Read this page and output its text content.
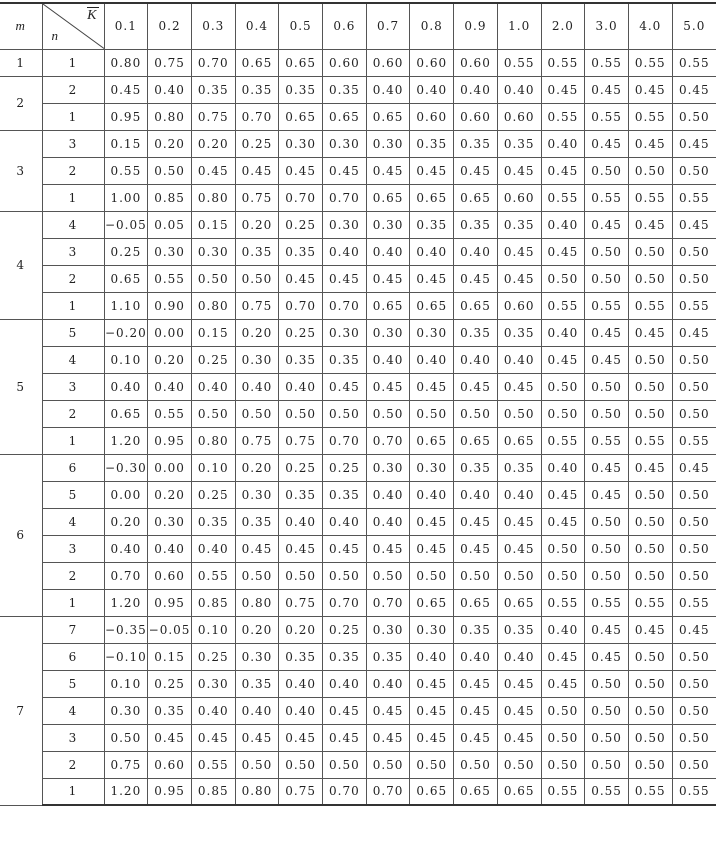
m	K
n	0.1	0.2	0.3	0.4	0.5	0.6	0.7	0.8	0.9	1.0	2.0	3.0	4.0	5.0
1	1	0.80	0.75	0.70	0.65	0.65	0.60	0.60	0.60	0.60	0.55	0.55	0.55	0.55	0.55
2	2	0.45	0.40	0.35	0.35	0.35	0.35	0.40	0.40	0.40	0.40	0.45	0.45	0.45	0.45
	1	0.95	0.80	0.75	0.70	0.65	0.65	0.65	0.60	0.60	0.60	0.55	0.55	0.55	0.50
3	3	0.15	0.20	0.20	0.25	0.30	0.30	0.30	0.35	0.35	0.35	0.40	0.45	0.45	0.45
	2	0.55	0.50	0.45	0.45	0.45	0.45	0.45	0.45	0.45	0.45	0.45	0.50	0.50	0.50
	1	1.00	0.85	0.80	0.75	0.70	0.70	0.65	0.65	0.65	0.60	0.55	0.55	0.55	0.55
4	4	−0.05	0.05	0.15	0.20	0.25	0.30	0.30	0.35	0.35	0.35	0.40	0.45	0.45	0.45
	3	0.25	0.30	0.30	0.35	0.35	0.40	0.40	0.40	0.40	0.45	0.45	0.50	0.50	0.50
	2	0.65	0.55	0.50	0.50	0.45	0.45	0.45	0.45	0.45	0.45	0.50	0.50	0.50	0.50
	1	1.10	0.90	0.80	0.75	0.70	0.70	0.65	0.65	0.65	0.60	0.55	0.55	0.55	0.55
5	5	−0.20	0.00	0.15	0.20	0.25	0.30	0.30	0.30	0.35	0.35	0.40	0.45	0.45	0.45
	4	0.10	0.20	0.25	0.30	0.35	0.35	0.40	0.40	0.40	0.40	0.45	0.45	0.50	0.50
	3	0.40	0.40	0.40	0.40	0.40	0.45	0.45	0.45	0.45	0.45	0.50	0.50	0.50	0.50
	2	0.65	0.55	0.50	0.50	0.50	0.50	0.50	0.50	0.50	0.50	0.50	0.50	0.50	0.50
	1	1.20	0.95	0.80	0.75	0.75	0.70	0.70	0.65	0.65	0.65	0.55	0.55	0.55	0.55
6	6	−0.30	0.00	0.10	0.20	0.25	0.25	0.30	0.30	0.35	0.35	0.40	0.45	0.45	0.45
	5	0.00	0.20	0.25	0.30	0.35	0.35	0.40	0.40	0.40	0.40	0.45	0.45	0.50	0.50
	4	0.20	0.30	0.35	0.35	0.40	0.40	0.40	0.45	0.45	0.45	0.45	0.50	0.50	0.50
	3	0.40	0.40	0.40	0.45	0.45	0.45	0.45	0.45	0.45	0.45	0.50	0.50	0.50	0.50
	2	0.70	0.60	0.55	0.50	0.50	0.50	0.50	0.50	0.50	0.50	0.50	0.50	0.50	0.50
	1	1.20	0.95	0.85	0.80	0.75	0.70	0.70	0.65	0.65	0.65	0.55	0.55	0.55	0.55
7	7	−0.35	−0.05	0.10	0.20	0.20	0.25	0.30	0.30	0.35	0.35	0.40	0.45	0.45	0.45
	6	−0.10	0.15	0.25	0.30	0.35	0.35	0.35	0.40	0.40	0.40	0.45	0.45	0.50	0.50
	5	0.10	0.25	0.30	0.35	0.40	0.40	0.40	0.45	0.45	0.45	0.45	0.50	0.50	0.50
	4	0.30	0.35	0.40	0.40	0.40	0.45	0.45	0.45	0.45	0.45	0.50	0.50	0.50	0.50
	3	0.50	0.45	0.45	0.45	0.45	0.45	0.45	0.45	0.45	0.45	0.50	0.50	0.50	0.50
	2	0.75	0.60	0.55	0.50	0.50	0.50	0.50	0.50	0.50	0.50	0.50	0.50	0.50	0.50
	1	1.20	0.95	0.85	0.80	0.75	0.70	0.70	0.65	0.65	0.65	0.55	0.55	0.55	0.55
